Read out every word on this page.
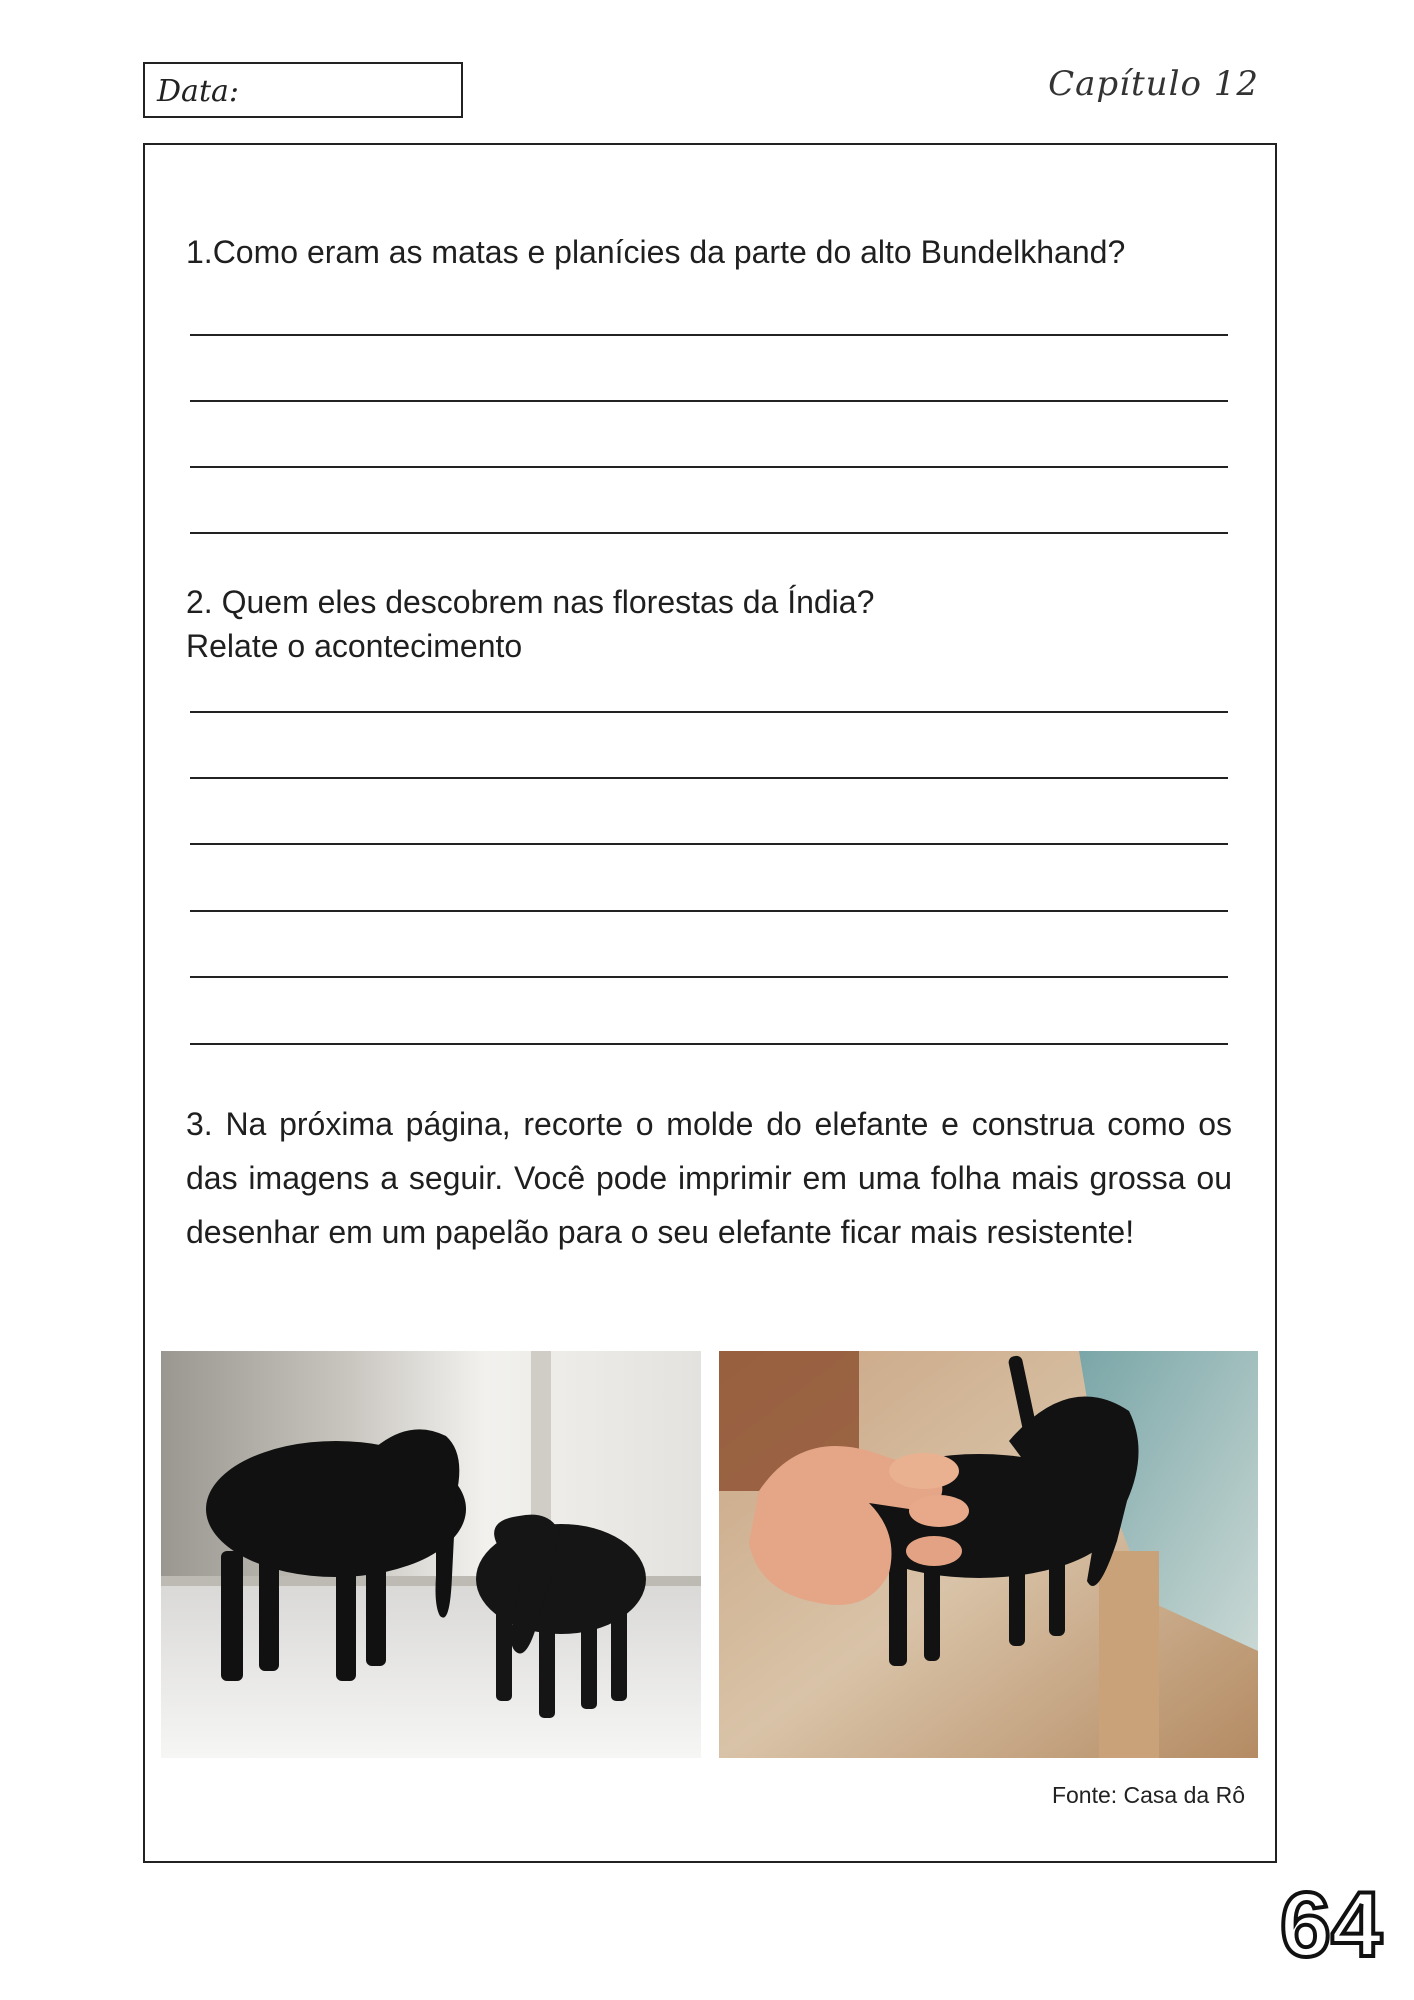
Data:	Capítulo 12
1.Como eram as matas e planícies da parte do alto Bundelkhand?
2. Quem eles descobrem nas florestas da Índia?
Relate o acontecimento
3. Na próxima página, recorte o molde do elefante e construa como os das imagens a seguir. Você pode imprimir em uma folha mais grossa ou desenhar em um papelão para o seu elefante ficar mais resistente!
Fonte: Casa da Rô
64
